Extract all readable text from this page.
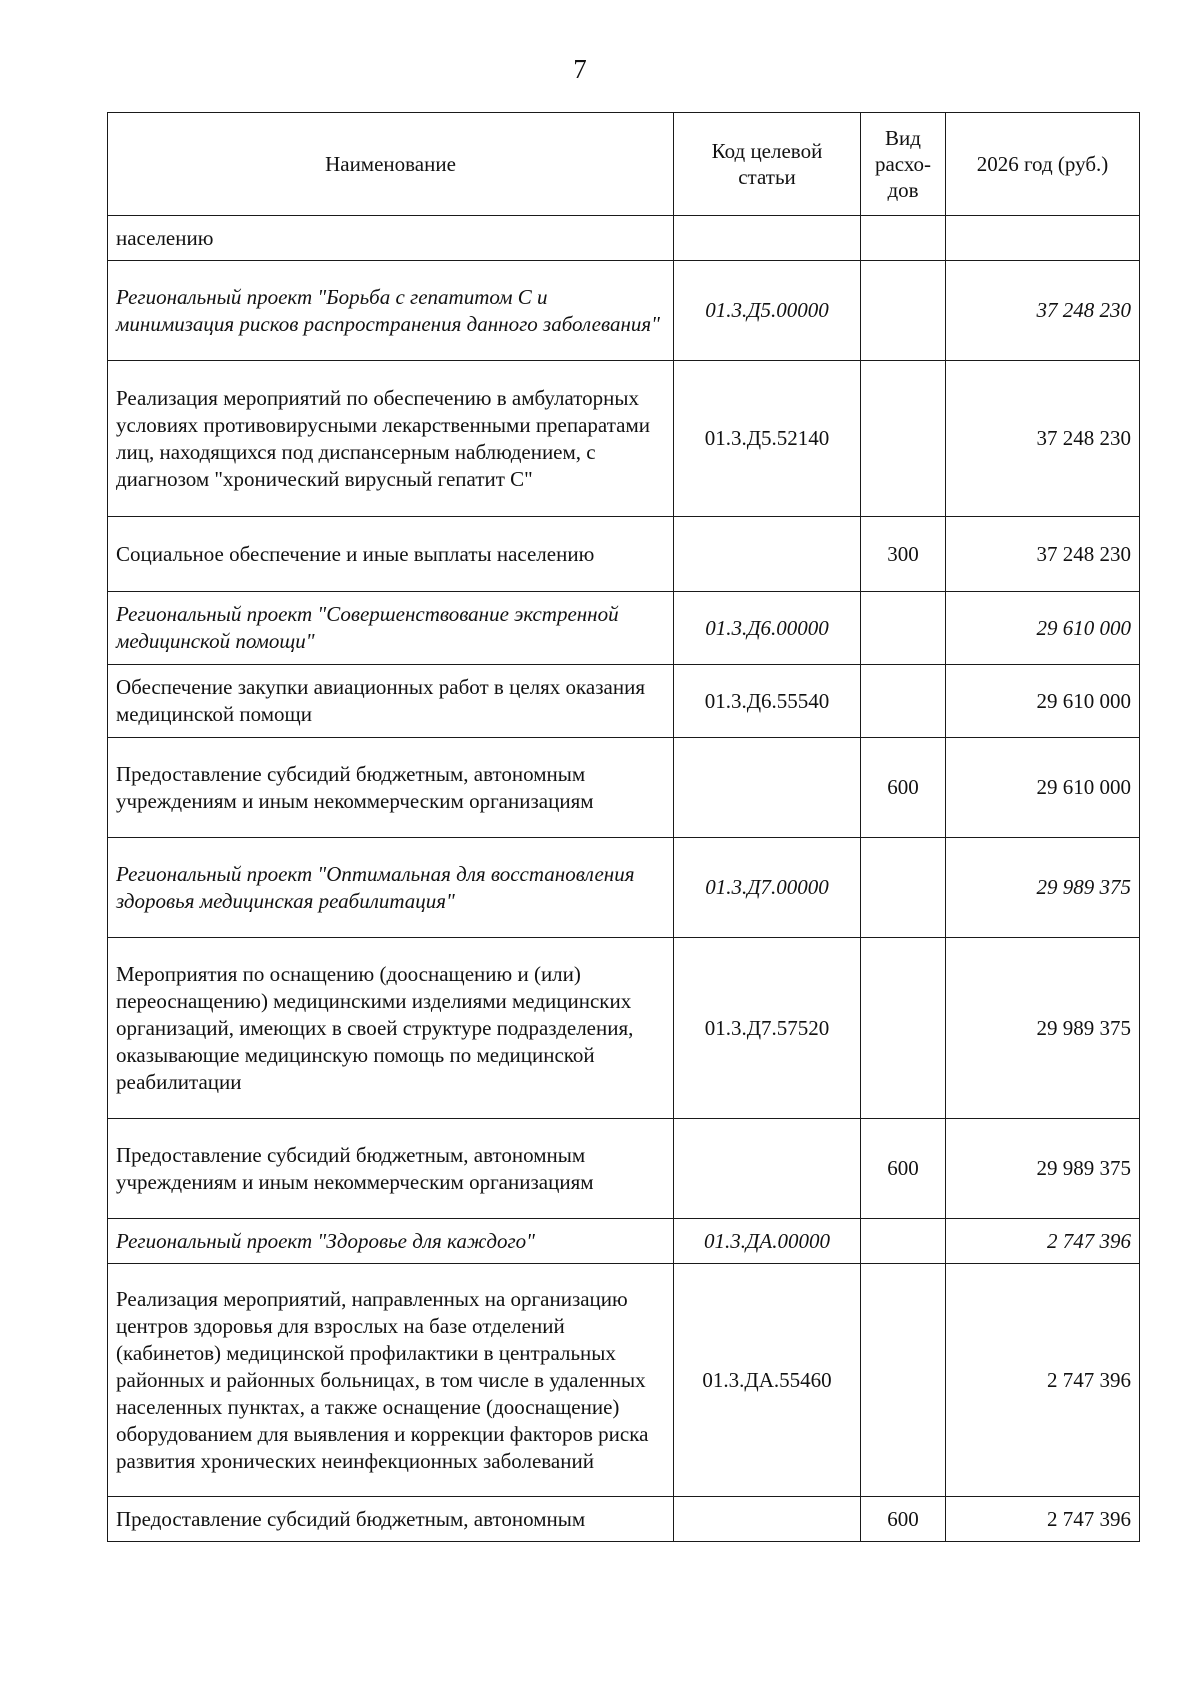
7
Наименование	Код целевой статьи	Вид расхо-дов	2026 год (руб.)
населению			
Региональный проект "Борьба с гепатитом С и минимизация рисков распространения данного заболевания"	01.3.Д5.00000		37 248 230
Реализация мероприятий по обеспечению в амбулаторных условиях противовирусными лекарственными препаратами лиц, находящихся под диспансерным наблюдением, с диагнозом "хронический вирусный гепатит С"	01.3.Д5.52140		37 248 230
Социальное обеспечение и иные выплаты населению		300	37 248 230
Региональный проект "Совершенствование экстренной медицинской помощи"	01.3.Д6.00000		29 610 000
Обеспечение закупки авиационных работ в целях оказания медицинской помощи	01.3.Д6.55540		29 610 000
Предоставление субсидий бюджетным, автономным учреждениям и иным некоммерческим организациям		600	29 610 000
Региональный проект "Оптимальная для восстановления здоровья медицинская реабилитация"	01.3.Д7.00000		29 989 375
Мероприятия по оснащению (дооснащению и (или) переоснащению) медицинскими изделиями медицинских организаций, имеющих в своей структуре подразделения, оказывающие медицинскую помощь по медицинской реабилитации	01.3.Д7.57520		29 989 375
Предоставление субсидий бюджетным, автономным учреждениям и иным некоммерческим организациям		600	29 989 375
Региональный проект "Здоровье для каждого"	01.3.ДА.00000		2 747 396
Реализация мероприятий, направленных на организацию центров здоровья для взрослых на базе отделений (кабинетов) медицинской профилактики в центральных районных и районных больницах, в том числе в удаленных населенных пунктах, а также оснащение (дооснащение) оборудованием для выявления и коррекции факторов риска развития хронических неинфекционных заболеваний	01.3.ДА.55460		2 747 396
Предоставление субсидий бюджетным, автономным		600	2 747 396
